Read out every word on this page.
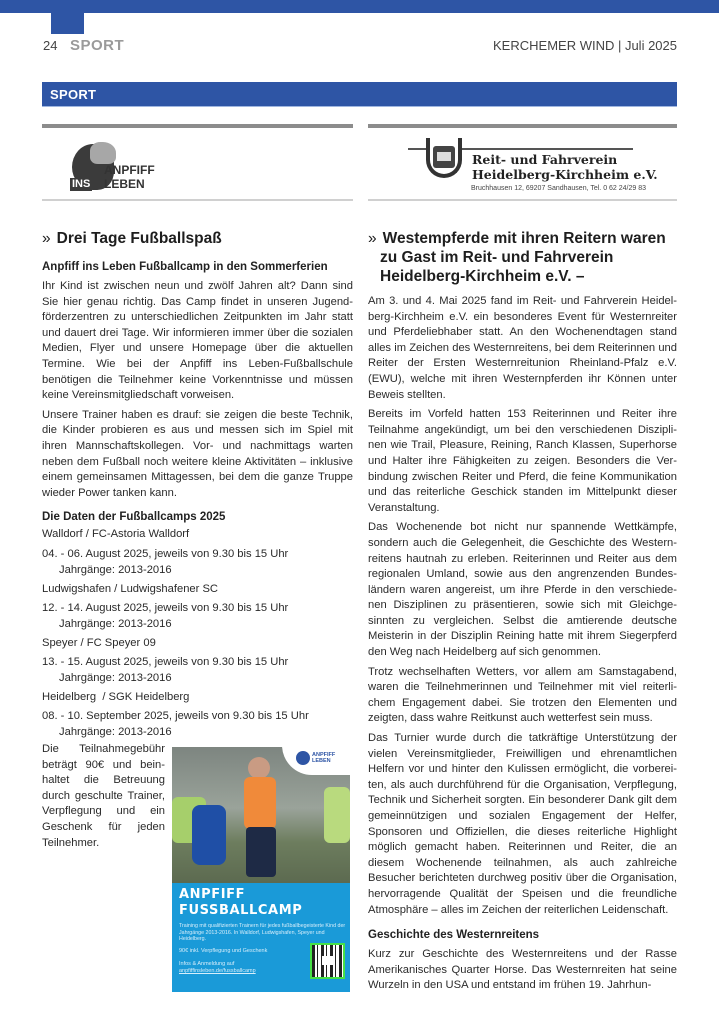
24 SPORT	KERCHEMER WIND | Juli 2025
SPORT
INS
ANPFIFF
LEBEN
» Drei Tage Fußballspaß
Anpfiff ins Leben Fußballcamp in den Sommerferien

Ihr Kind ist zwischen neun und zwölf Jahren alt? Dann sind Sie hier genau richtig. Das Camp findet in unseren Jugendförderzentren zu unterschiedlichen Zeitpunkten im Jahr statt und dauert drei Tage. Wir informieren immer über die sozialen Medien, Flyer und unsere Homepage über die aktuellen Termine. Wie bei der Anpfiff ins Leben-Fußballschule benötigen die Teilnehmer keine Vorkenntnisse und müssen keine Vereinsmitgliedschaft vorweisen.

Unsere Trainer haben es drauf: sie zeigen die beste Technik, die Kinder probieren es aus und messen sich im Spiel mit ihren Mannschaftskollegen. Vor- und nachmittags warten neben dem Fußball noch weitere kleine Aktivitäten – inklusive einem gemeinsamen Mittagessen, bei dem die ganze Truppe wieder Power tanken kann.

Die Daten der Fußballcamps 2025
Walldorf / FC-Astoria Walldorf
04. - 06. August 2025, jeweils von 9.30 bis 15 Uhr
Jahrgänge: 2013-2016
Ludwigshafen / Ludwigshafener SC
12. - 14. August 2025, jeweils von 9.30 bis 15 Uhr
Jahrgänge: 2013-2016
Speyer / FC Speyer 09
13. - 15. August 2025, jeweils von 9.30 bis 15 Uhr
Jahrgänge: 2013-2016
Heidelberg  / SGK Heidelberg
08. - 10. September 2025, jeweils von 9.30 bis 15 Uhr
Jahrgänge: 2013-2016
Die Teilnahmegebühr beträgt 90€ und beinhaltet die Betreuung durch geschulte Trainer, Verpflegung und ein Geschenk für jeden Teilnehmer.
ANPFIFF
LEBEN
ANPFIFF
FUSSBALLCAMP
Training mit qualifizierten Trainern für jedes fußballbegeisterte Kind der Jahrgänge 2013-2016. In Walldorf, Ludwigshafen, Speyer und Heidelberg.
90€ inkl. Verpflegung und Geschenk
Infos & Anmeldung auf
anpfiffinsleben.de/fussballcamp
Reit- und Fahrverein
Heidelberg-Kirchheim e.V.
Bruchhausen 12, 69207 Sandhausen, Tel. 0 62 24/29 83
» Westempferde mit ihren Reitern waren zu Gast im Reit- und Fahrverein Heidelberg-Kirchheim e.V. –

Am 3. und 4. Mai 2025 fand im Reit- und Fahrverein Heidelberg-Kirchheim e.V. ein besonderes Event für Westernreiter und Pferdeliebhaber statt. An den Wochenendtagen stand alles im Zeichen des Westernreitens, bei dem Reiterinnen und Reiter der Ersten Westernreitunion Rheinland-Pfalz e.V. (EWU), welche mit ihren Westernpferden ihr Können unter Beweis stellten.

Bereits im Vorfeld hatten 153 Reiterinnen und Reiter ihre Teilnahme angekündigt, um bei den verschiedenen Disziplinen wie Trail, Pleasure, Reining, Ranch Klassen, Superhorse und Halter ihre Fähigkeiten zu zeigen. Besonders die Verbindung zwischen Reiter und Pferd, die feine Kommunikation und das reiterliche Geschick standen im Mittelpunkt dieser Veranstaltung.

Das Wochenende bot nicht nur spannende Wettkämpfe, sondern auch die Gelegenheit, die Geschichte des Westernreitens hautnah zu erleben. Reiterinnen und Reiter aus dem regionalen Umland, sowie aus den angrenzenden Bundesländern waren angereist, um ihre Pferde in den verschiedenen Disziplinen zu präsentieren, sowie sich mit Gleichgesinnten zu vergleichen. Selbst die amtierende deutsche Meisterin in der Disziplin Reining hatte mit ihrem Siegerpferd den Weg nach Heidelberg auf sich genommen.

Trotz wechselhaften Wetters, vor allem am Samstagabend, waren die Teilnehmerinnen und Teilnehmer mit viel reiterlichem Engagement dabei. Sie trotzen den Elementen und zeigten, dass wahre Reitkunst auch wetterfest sein muss.

Das Turnier wurde durch die tatkräftige Unterstützung der vielen Vereinsmitglieder, Freiwilligen und ehrenamtlichen Helfern vor und hinter den Kulissen ermöglicht, die vorbereiten, als auch durchführend für die Organisation, Verpflegung, Technik und Sicherheit sorgten. Ein besonderer Dank gilt dem gemeinnützigen und sozialen Engagement der Helfer, Sponsoren und Offiziellen, die dieses reiterliche Highlight möglich gemacht haben. Reiterinnen und Reiter, die an diesem Wochenende teilnahmen, als auch zahlreiche Besucher berichteten durchweg positiv über die Organisation, hervorragende Qualität der Speisen und die freundliche Atmosphäre – alles im Zeichen der reiterlichen Leidenschaft.

Geschichte des Westernreitens

Kurz zur Geschichte des Westernreitens und der Rasse Amerikanisches Quarter Horse. Das Westernreiten hat seine Wurzeln in den USA und entstand im frühen 19. Jahrhun-
